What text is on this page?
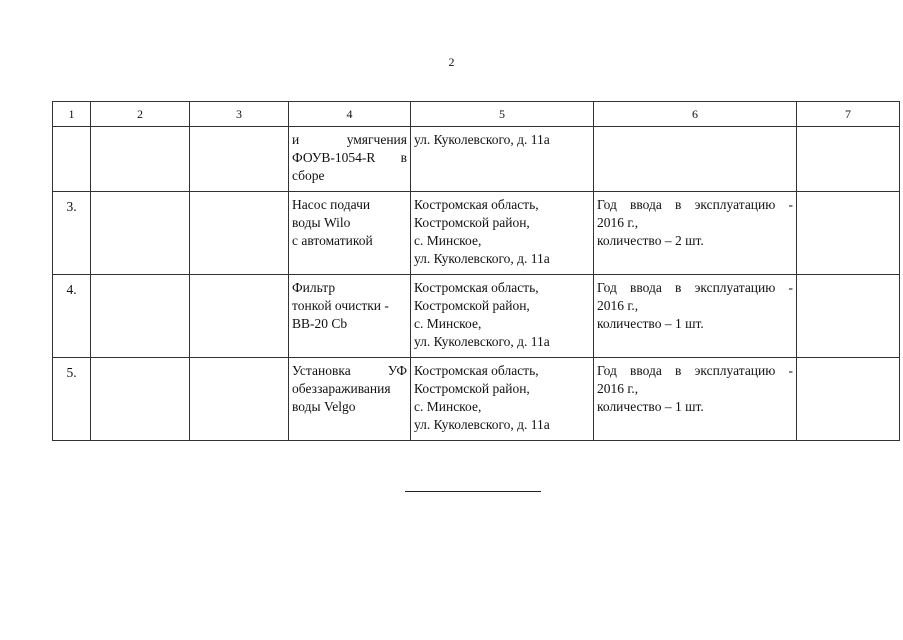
2
1	2	3	4	5	6	7

			и умягчения
ФОУВ-1054-R в
сборе	ул. Куколевского, д. 11а		

3.			Насос подачи
воды Wilo
с автоматикой	Костромская область,
Костромской район,
с. Минское,
ул. Куколевского, д. 11а	Год ввода в эксплуатацию -
2016 г.,
количество – 2 шт.	

4.			Фильтр
тонкой очистки -
ВВ-20 Cb	Костромская область,
Костромской район,
с. Минское,
ул. Куколевского, д. 11а	Год ввода в эксплуатацию -
2016 г.,
количество – 1 шт.	

5.			Установка УФ
обеззараживания
воды Velgo	Костромская область,
Костромской район,
с. Минское,
ул. Куколевского, д. 11а	Год ввода в эксплуатацию -
2016 г.,
количество – 1 шт.	
